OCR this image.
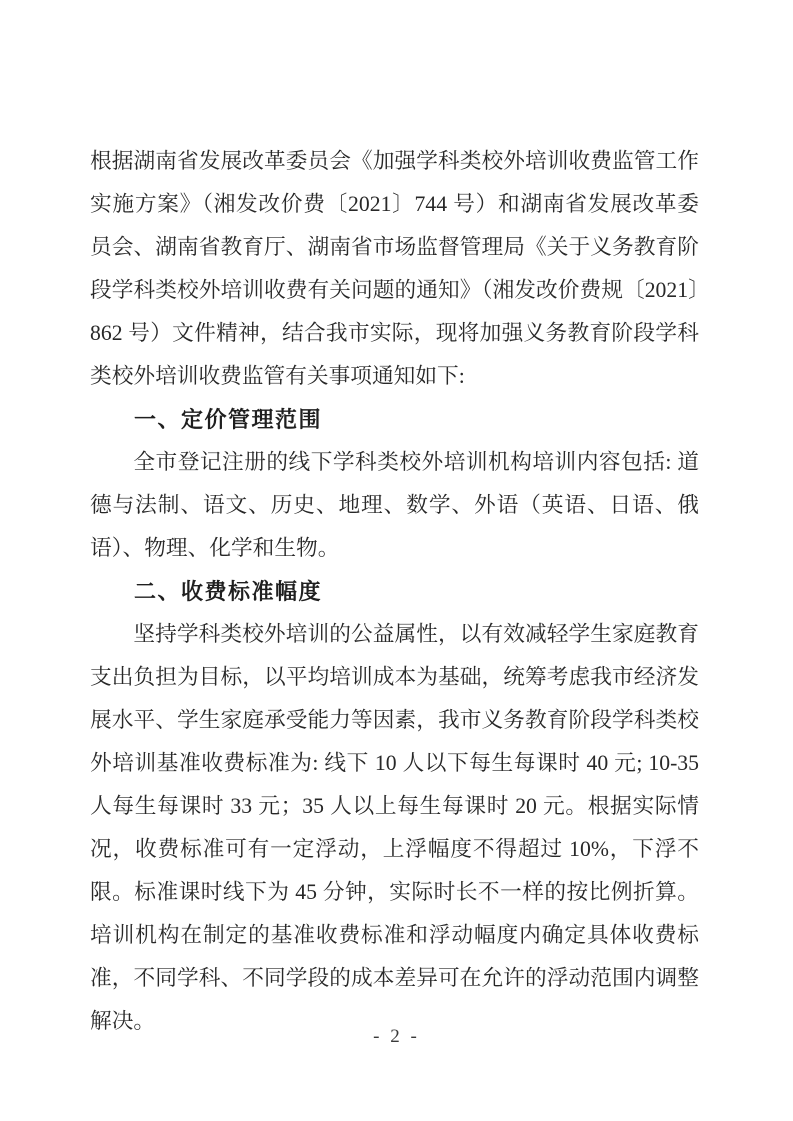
根据湖南省发展改革委员会《加强学科类校外培训收费监管工作实施方案》（湘发改价费〔2021〕744 号）和湖南省发展改革委员会、湖南省教育厅、湖南省市场监督管理局《关于义务教育阶段学科类校外培训收费有关问题的通知》（湘发改价费规〔2021〕862 号）文件精神，结合我市实际，现将加强义务教育阶段学科类校外培训收费监管有关事项通知如下:

一、定价管理范围

全市登记注册的线下学科类校外培训机构培训内容包括: 道德与法制、语文、历史、地理、数学、外语（英语、日语、俄语）、物理、化学和生物。

二、收费标准幅度

坚持学科类校外培训的公益属性，以有效减轻学生家庭教育支出负担为目标，以平均培训成本为基础，统筹考虑我市经济发展水平、学生家庭承受能力等因素，我市义务教育阶段学科类校外培训基准收费标准为: 线下 10 人以下每生每课时 40 元; 10-35 人每生每课时 33 元；35 人以上每生每课时 20 元。根据实际情况，收费标准可有一定浮动，上浮幅度不得超过 10%，下浮不限。标准课时线下为 45 分钟，实际时长不一样的按比例折算。培训机构在制定的基准收费标准和浮动幅度内确定具体收费标准，不同学科、不同学段的成本差异可在允许的浮动范围内调整解决。

- 2 -
